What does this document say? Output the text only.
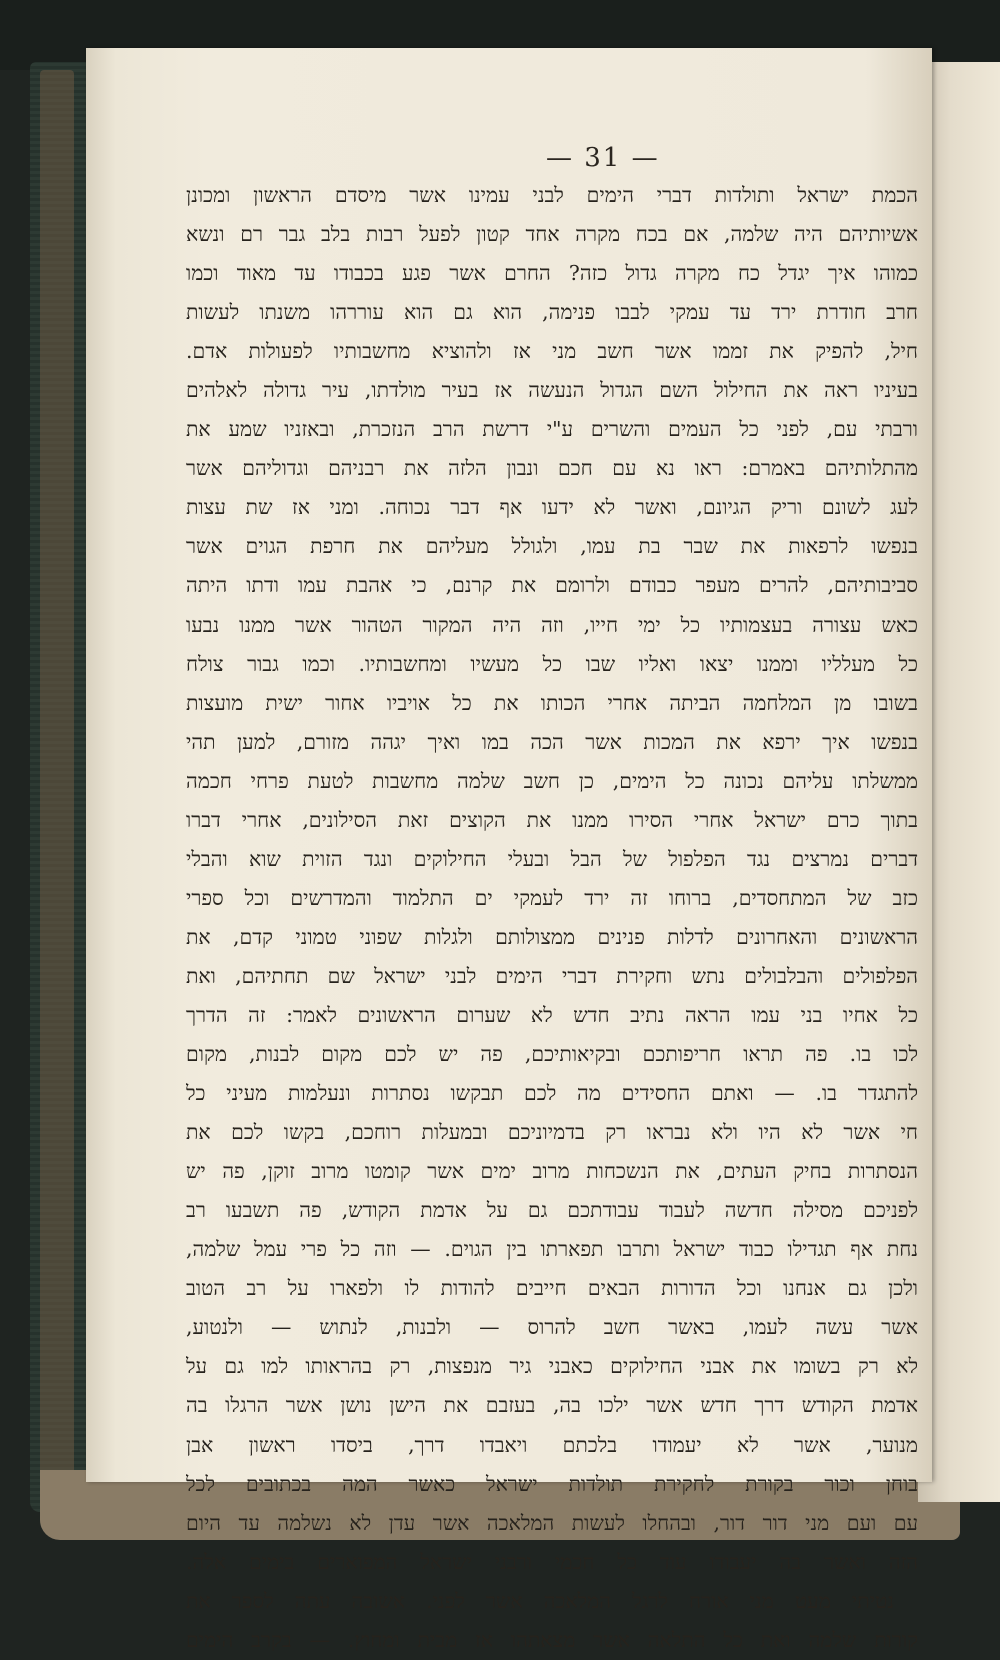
— 31 —
הכמת ישראל ותולדות דברי הימים לבני עמינו אשר מיסדם הראשון ומכונן
אשיותיהם היה שלמה, אם בכח מקרה אחד קטון לפעל רבות בלב גבר רם ונשא
כמוהו איך יגדל כח מקרה גדול כזה? החרם אשר פגע בכבודו עד מאוד וכמו
חרב חודרת ירד עד עמקי לבבו פנימה, הוא גם הוא עוררהו משנתו לעשות
חיל, להפיק את זממו אשר חשב מני אז ולהוציא מחשבותיו לפעולות אדם.
בעיניו ראה את החילול השם הגדול הנעשה אז בעיר מולדתו, עיר גדולה לאלהים
ורבתי עם, לפני כל העמים והשרים ע"י דרשת הרב הנזכרת, ובאזניו שמע את
מהתלותיהם באמרם: ראו נא עם חכם ונבון הלזה את רבניהם וגדוליהם אשר
לעג לשונם וריק הגיונם, ואשר לא ידעו אף דבר נכוחה. ומני אז שת עצות
בנפשו לרפאות את שבר בת עמו, ולגולל מעליהם את חרפת הגוים אשר
סביבותיהם, להרים מעפר כבודם ולרומם את קרנם, כי אהבת עמו ודתו היתה
כאש עצורה בעצמותיו כל ימי חייו, וזה היה המקור הטהור אשר ממנו נבעו
כל מעלליו וממנו יצאו ואליו שבו כל מעשיו ומחשבותיו. וכמו גבור צולח
בשובו מן המלחמה הביתה אחרי הכותו את כל אויביו אחור ישית מועצות
בנפשו איך ירפא את המכות אשר הכה במו ואיך יגהה מזורם, למען תהי
ממשלתו עליהם נכונה כל הימים, כן חשב שלמה מחשבות לטעת פרחי חכמה
בתוך כרם ישראל אחרי הסירו ממנו את הקוצים זאת הסילונים, אחרי דברו
דברים נמרצים נגד הפלפול של הבל ובעלי החילוקים ונגד הזוית שוא והבלי
כזב של המתחסדים, ברוחו זה ירד לעמקי ים התלמוד והמדרשים וכל ספרי
הראשונים והאחרונים לדלות פנינים ממצולותם ולגלות שפוני טמוני קדם, את
הפלפולים והבלבולים נתש וחקירת דברי הימים לבני ישראל שם תחתיהם, ואת
כל אחיו בני עמו הראה נתיב חדש לא שערום הראשונים לאמר: זה הדרך
לכו בו. פה תראו חריפותכם ובקיאותיכם, פה יש לכם מקום לבנות, מקום
להתגדר בו. — ואתם החסידים מה לכם תבקשו נסתרות ונעלמות מעיני כל
חי אשר לא היו ולא נבראו רק בדמיוניכם ובמעלות רוחכם, בקשו לכם את
הנסתרות בחיק העתים, את הנשכחות מרוב ימים אשר קומטו מרוב זוקן, פה יש
לפניכם מסילה חדשה לעבוד עבודתכם גם על אדמת הקודש, פה תשבעו רב
נחת אף תגדילו כבוד ישראל ותרבו תפארתו בין הגוים. — וזה כל פרי עמל שלמה,
ולכן גם אנחנו וכל הדורות הבאים חייבים להודות לו ולפארו על רב הטוב
אשר עשה לעמו, באשר חשב להרוס — ולבנות, לנתוש — ולנטוע,
לא רק בשומו את אבני החילוקים כאבני גיר מנפצות, רק בהראותו למו גם על
אדמת הקודש דרך חדש אשר ילכו בה, בעזבם את הישן נושן אשר הרגלו בה
מנוער, אשר לא יעמודו בלכתם ויאבדו דרך, ביסדו ראשון אבן
בוחן וכור בקורת לחקירת תולדות ישראל כאשר המה בכתובים לכל
עם ועם מני דור דור, ובהחלו לעשות המלאכה אשר עדן לא נשלמה עד היום
הזה ואשר בה יעבודו עוד כל חכמי ורבני ישראל המפוארים בימים אלה.
נטיתי מעט מני אורח לרגל המלאכה אשר לפני. אשובה עתה לספר את
קורות שלמה ואת כל התלאה אשר מצאתהו אז מבית ומחוץ. — בקרב הימים
